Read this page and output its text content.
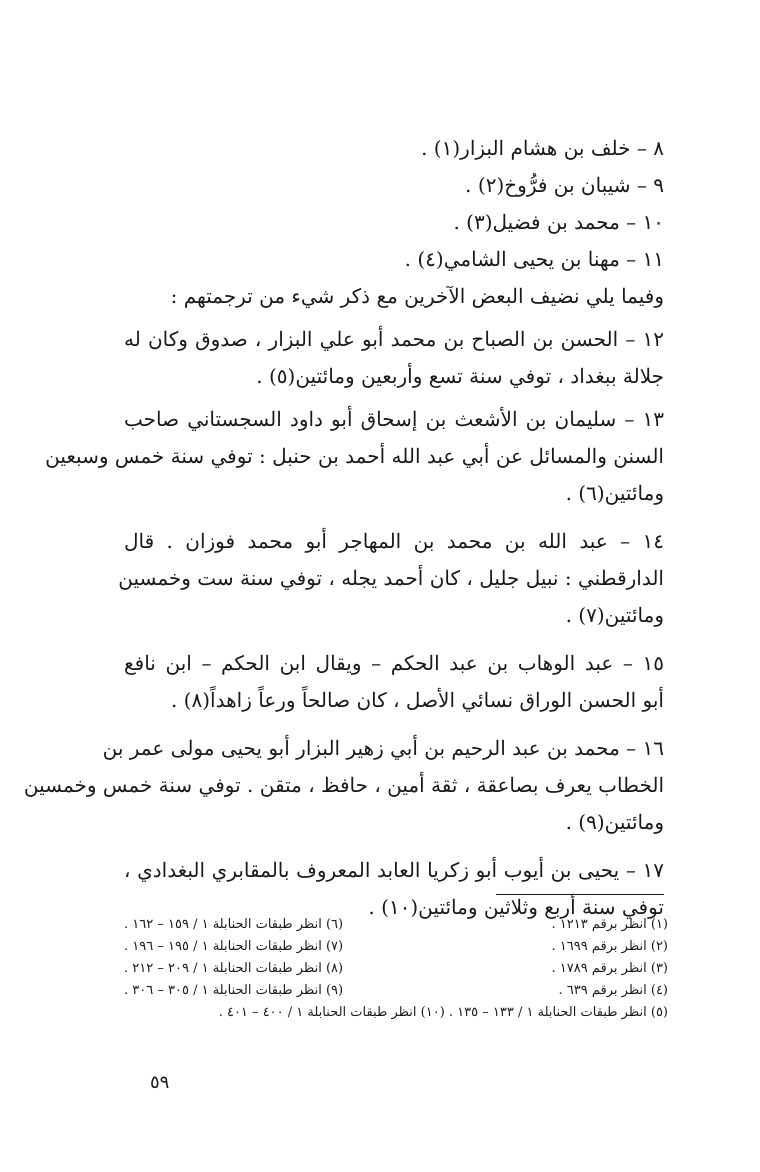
٨ – خلف بن هشام البزار(١) .
٩ – شيبان بن فرُّوخ(٢) .
١٠ – محمد بن فضيل(٣) .
١١ – مهنا بن يحيى الشامي(٤) .
وفيما يلي نضيف البعض الآخرين مع ذكر شيء من ترجمتهم :
١٢ – الحسن بن الصباح بن محمد أبو علي البزار ، صدوق وكان له
جلالة ببغداد ، توفي سنة تسع وأربعين ومائتين(٥) .
١٣ – سليمان بن الأشعث بن إسحاق أبو داود السجستاني صاحب
السنن والمسائل عن أبي عبد الله أحمد بن حنبل : توفي سنة خمس وسبعين
ومائتين(٦) .
١٤ – عبد الله بن محمد بن المهاجر أبو محمد فوزان . قال
الدارقطني : نبيل جليل ، كان أحمد يجله ، توفي سنة ست وخمسين
ومائتين(٧) .
١٥ – عبد الوهاب بن عبد الحكم – ويقال ابن الحكم – ابن نافع
أبو الحسن الوراق نسائي الأصل ، كان صالحاً ورعاً زاهداً(٨) .
١٦ – محمد بن عبد الرحيم بن أبي زهير البزار أبو يحيى مولى عمر بن
الخطاب يعرف بصاعقة ، ثقة أمين ، حافظ ، متقن . توفي سنة خمس وخمسين
ومائتين(٩) .
١٧ – يحيى بن أيوب أبو زكريا العابد المعروف بالمقابري البغدادي ،
توفي سنة أربع وثلاثين ومائتين(١٠) .
(١) انظر برقم ١٢١٣ .
(٦) انظر طبقات الحنابلة ١ / ١٥٩ – ١٦٢ .
(٢) انظر برقم ١٦٩٩ .
(٧) انظر طبقات الحنابلة ١ / ١٩٥ – ١٩٦ .
(٣) انظر برقم ١٧٨٩ .
(٨) انظر طبقات الحنابلة ١ / ٢٠٩ – ٢١٢ .
(٤) انظر برقم ٦٣٩ .
(٩) انظر طبقات الحنابلة ١ / ٣٠٥ – ٣٠٦ .
(٥) انظر طبقات الحنابلة ١ / ١٣٣ – ١٣٥ . (١٠) انظر طبقات الحنابلة ١ / ٤٠٠ – ٤٠١ .
٥٩
